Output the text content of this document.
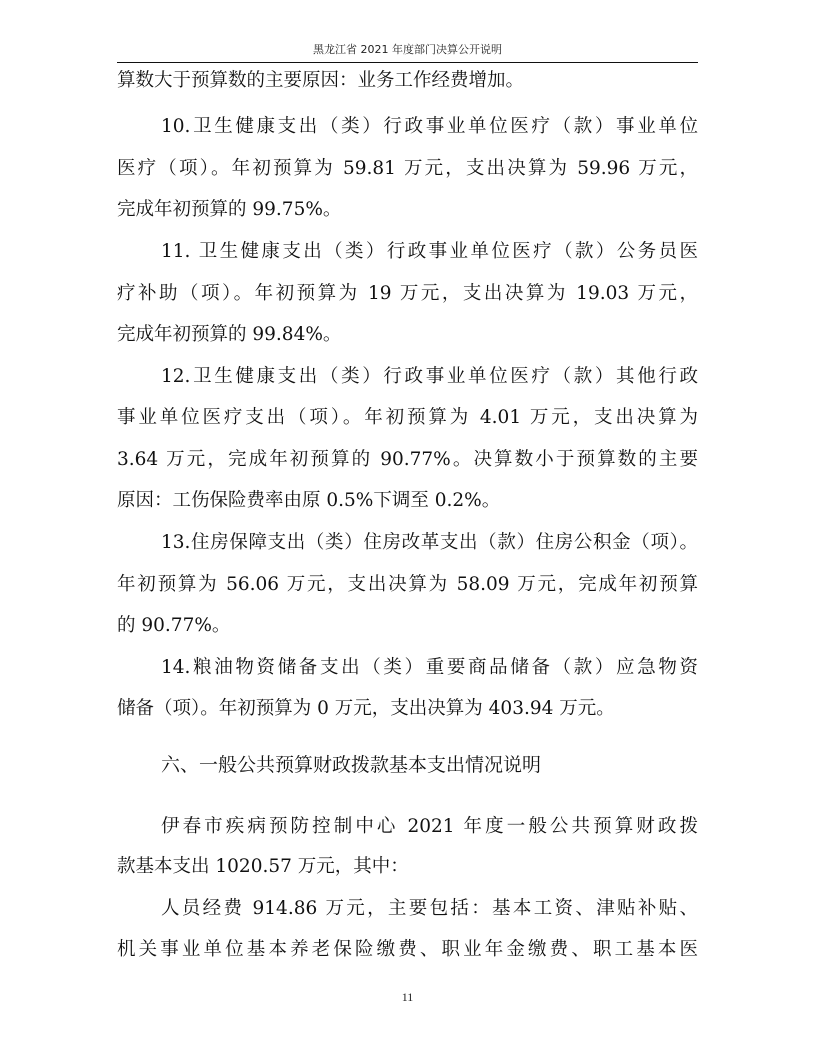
黑龙江省 2021 年度部门决算公开说明
算数大于预算数的主要原因：业务工作经费增加。
10.卫生健康支出（类）行政事业单位医疗（款）事业单位
医疗（项）。年初预算为 59.81 万元，支出决算为 59.96 万元，
完成年初预算的 99.75%。
11. 卫生健康支出（类）行政事业单位医疗（款）公务员医
疗补助（项）。年初预算为 19 万元，支出决算为 19.03 万元，
完成年初预算的 99.84%。
12.卫生健康支出（类）行政事业单位医疗（款）其他行政
事业单位医疗支出（项）。年初预算为 4.01 万元，支出决算为
3.64 万元，完成年初预算的 90.77%。决算数小于预算数的主要
原因：工伤保险费率由原 0.5%下调至 0.2%。
13.住房保障支出（类）住房改革支出（款）住房公积金（项）。
年初预算为 56.06 万元，支出决算为 58.09 万元，完成年初预算
的 90.77%。
14.粮油物资储备支出（类）重要商品储备（款）应急物资
储备（项）。年初预算为 0 万元，支出决算为 403.94 万元。
六、一般公共预算财政拨款基本支出情况说明
伊春市疾病预防控制中心 2021 年度一般公共预算财政拨
款基本支出 1020.57 万元，其中：
人员经费 914.86 万元，主要包括：基本工资、津贴补贴、
机关事业单位基本养老保险缴费、职业年金缴费、职工基本医
11
